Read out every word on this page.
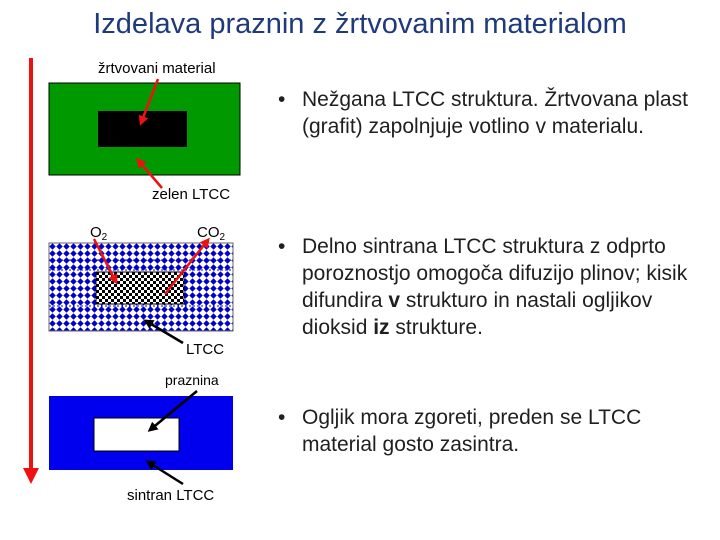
Izdelava praznin z žrtvovanim materialom
žrtvovani material
zelen LTCC
$O_2$	$CO_2$
LTCC
praznina
sintran LTCC
• Nežgana LTCC struktura. Žrtvovana plast (grafit) zapolnjuje votlino v materialu.
• Delno sintrana LTCC struktura z odprto poroznostjo omogoča difuzijo plinov; kisik difundira v strukturo in nastali ogljikov dioksid iz strukture.
• Ogljik mora zgoreti, preden se LTCC material gosto zasintra.
